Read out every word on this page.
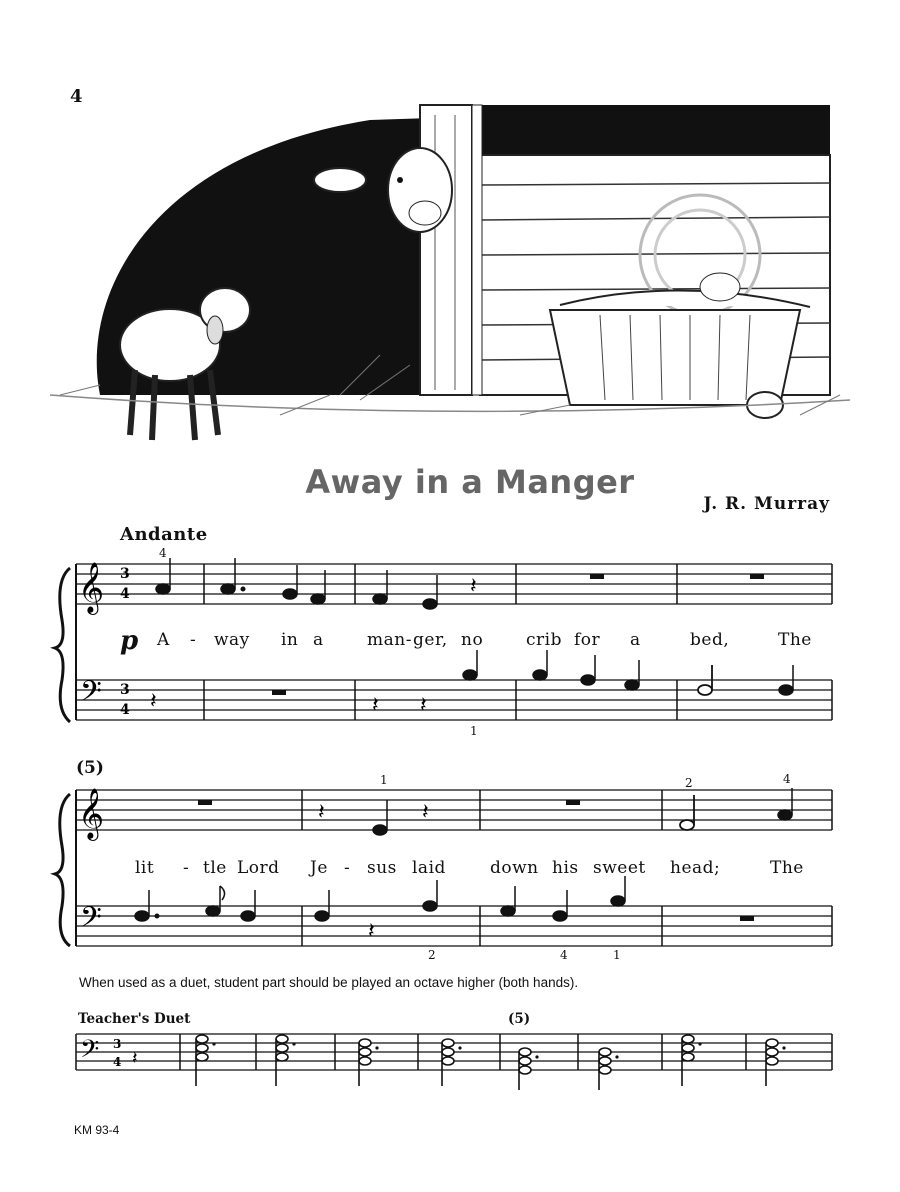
4
Away in a Manger
J. R. Murray
Andante
𝄞
𝄢
𝄽
𝄽	𝄽 𝄽
3
4
3
4
p
4
1
A - way in a	man- ger, no	crib for a	bed,	The
(5)
𝄞
𝄢
𝄽	𝄽
𝄽
1	2	4
2	4	1
lit - tle Lord Je - sus laid	down his sweet head;	The
When used as a duet, student part should be played an octave higher (both hands).
Teacher's Duet	(5)
𝄢 3
4 𝄽
KM 93-4
